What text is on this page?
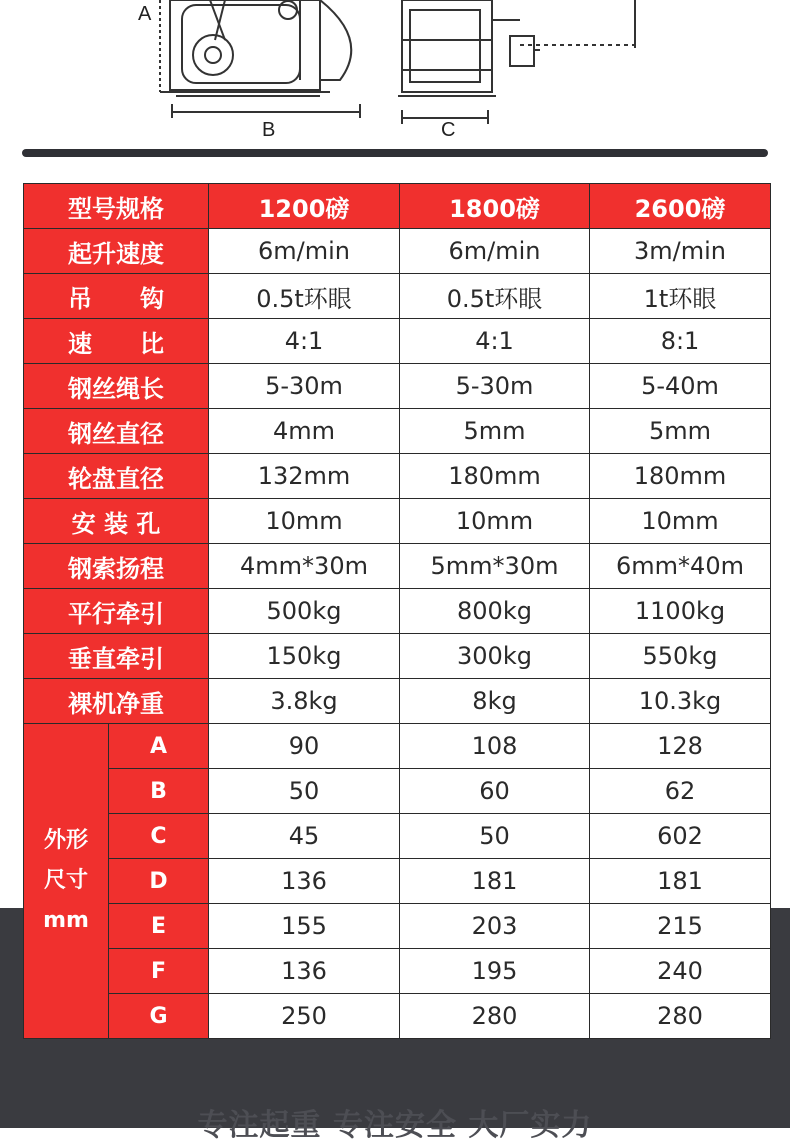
A
B	C
型号规格		1200磅	1800磅	2600磅
起升速度		6m/min	6m/min	3m/min
吊　　钩		0.5t环眼	0.5t环眼	1t环眼
速　　比		4:1	4:1	8:1
钢丝绳长		5-30m	5-30m	5-40m
钢丝直径		4mm	5mm	5mm
轮盘直径		132mm	180mm	180mm
安 装 孔		10mm	10mm	10mm
钢索扬程		4mm*30m	5mm*30m	6mm*40m
平行牵引		500kg	800kg	1100kg
垂直牵引		150kg	300kg	550kg
裸机净重		3.8kg	8kg	10.3kg
外形
尺寸
mm	A	90	108	128
	B	50	60	62
	C	45	50	602
	D	136	181	181
	E	155	203	215
	F	136	195	240
	G	250	280	280
专注起重 专注安全 大厂实力
